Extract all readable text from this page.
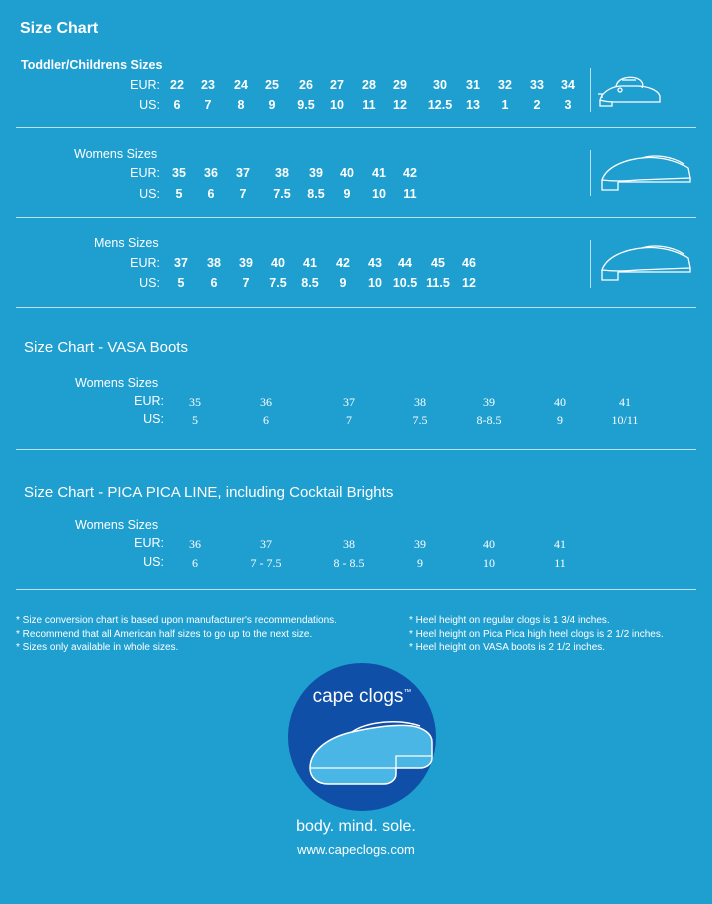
Size Chart
Toddler/Childrens Sizes
EUR:
US:
22	23	24	25	26	27	28	29	30	31	32	33	34
6	7	8	9	9.5	10	11	12	12.5	13	1	2	3
Womens Sizes
EUR:
US:
35	36	37	38	39	40	41	42
5	6	7	7.5	8.5	9	10	11
Mens Sizes
EUR:
US:
37	38	39	40	41	42	43	44	45	46
5	6	7	7.5	8.5	9	10 10.5 11.5 12
Size Chart - VASA Boots
Womens Sizes
EUR:
US:
35	36	37	38	39	40	41
5	6	7	7.5	8-8.5	9	10/11
Size Chart - PICA PICA LINE, including Cocktail Brights
Womens Sizes
EUR:
US:
36	37	38	39	40	41
6	7 - 7.5	8 - 8.5	9	10	11
* Size conversion chart is based upon manufacturer's recommendations.
* Recommend that all American half sizes to go up to the next size.
* Sizes only available in whole sizes.
* Heel height on regular clogs is 1 3/4 inches.
* Heel height on Pica Pica high heel clogs is 2 1/2 inches.
* Heel height on VASA boots is 2 1/2 inches.
cape clogs™
body. mind. sole.
www.capeclogs.com
